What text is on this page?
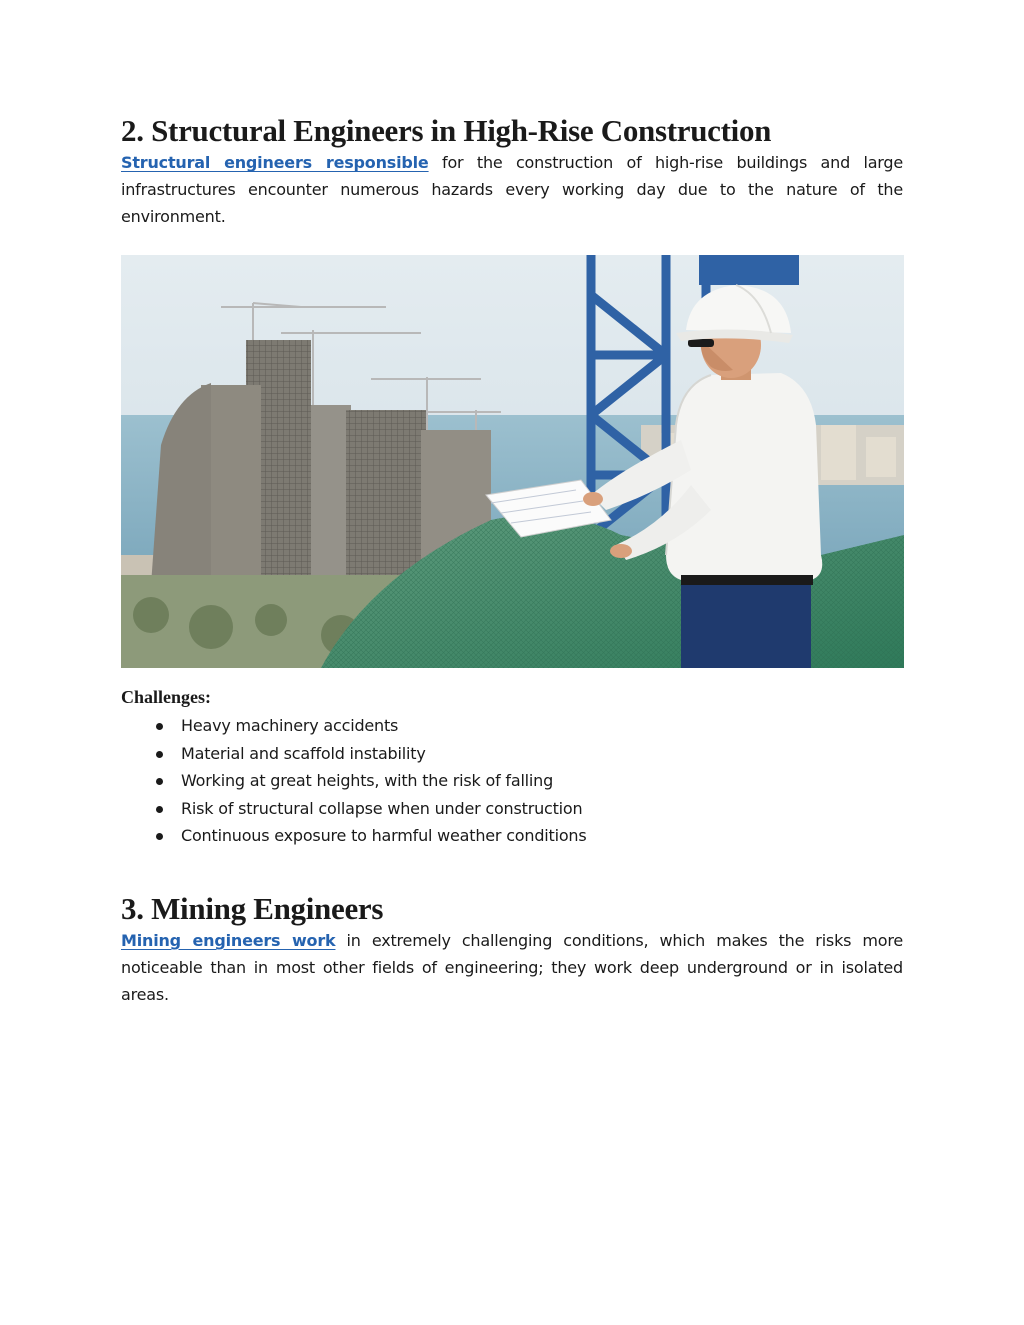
2. Structural Engineers in High-Rise Construction

Structural engineers responsible for the construction of high-rise buildings and large infrastructures encounter numerous hazards every working day due to the nature of the environment.

Challenges:
Heavy machinery accidents
Material and scaffold instability
Working at great heights, with the risk of falling
Risk of structural collapse when under construction
Continuous exposure to harmful weather conditions
3. Mining Engineers

Mining engineers work in extremely challenging conditions, which makes the risks more noticeable than in most other fields of engineering; they work deep underground or in isolated areas.
